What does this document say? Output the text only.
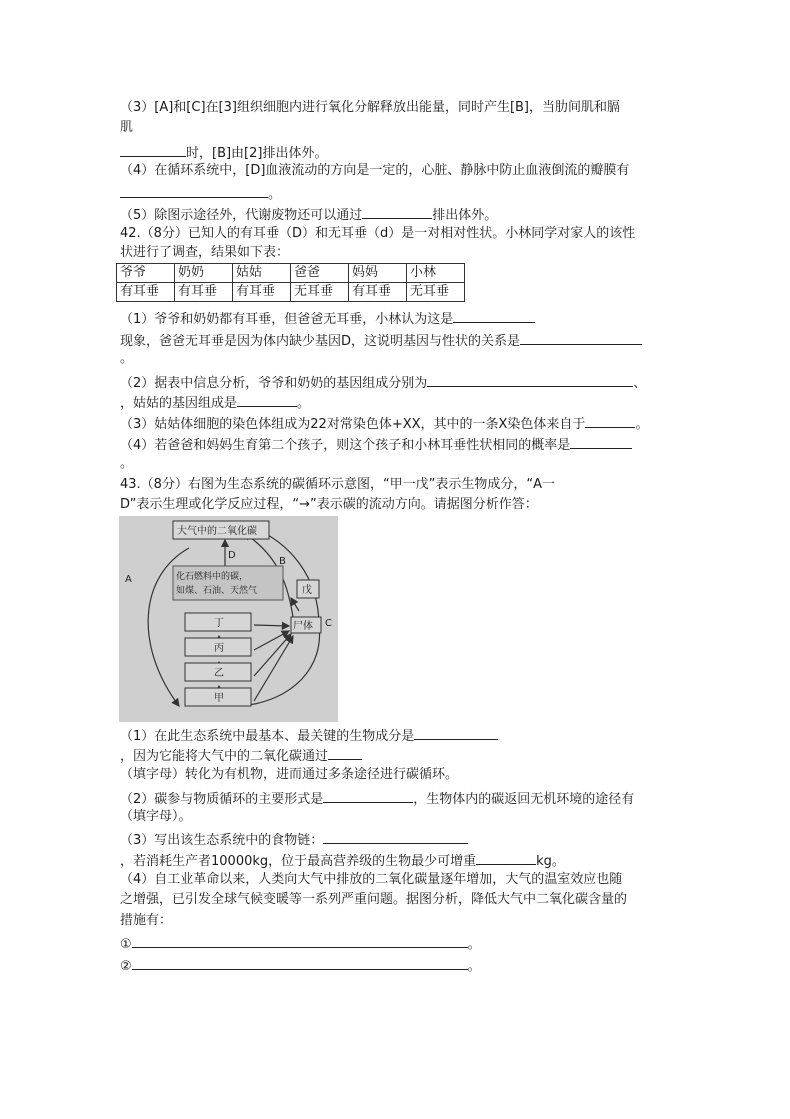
（3）[A]和[C]在[3]组织细胞内进行氧化分解释放出能量，同时产生[B]，当肋间肌和膈
肌
时，[B]由[2]排出体外。
（4）在循环系统中，[D]血液流动的方向是一定的，心脏、静脉中防止血液倒流的瓣膜有
。
（5）除图示途径外，代谢废物还可以通过	排出体外。
42.（8分）已知人的有耳垂（D）和无耳垂（d）是一对相对性状。小林同学对家人的该性
状进行了调查，结果如下表：
爷爷	奶奶	姑姑	爸爸	妈妈	小林
有耳垂	有耳垂	有耳垂	无耳垂	有耳垂	无耳垂
（1）爷爷和奶奶都有耳垂，但爸爸无耳垂，小林认为这是
现象，爸爸无耳垂是因为体内缺少基因D，这说明基因与性状的关系是
。
（2）据表中信息分析，爷爷和奶奶的基因组成分别为	、
，姑姑的基因组成是	。
（3）姑姑体细胞的染色体组成为22对常染色体+XX，其中的一条X染色体来自于	。
（4）若爸爸和妈妈生育第二个孩子，则这个孩子和小林耳垂性状相同的概率是
。
43.（8分）右图为生态系统的碳循环示意图，“甲一戊”表示生物成分，“A一
D”表示生理或化学反应过程，“→”表示碳的流动方向。请据图分析作答：
大气中的二氧化碳
化石燃料中的碳，
如煤、石油、天然气
丁
丙
乙
甲
戊
尸体
A
B
C
D
（1）在此生态系统中最基本、最关键的生物成分是
，因为它能将大气中的二氧化碳通过
（填字母）转化为有机物，进而通过多条途径进行碳循环。
（2）碳参与物质循环的主要形式是	，生物体内的碳返回无机环境的途径有
（填字母）。
（3）写出该生态系统中的食物链：
，若消耗生产者10000kg，位于最高营养级的生物最少可增重	kg。
（4）自工业革命以来，人类向大气中排放的二氧化碳量逐年增加，大气的温室效应也随
之增强，已引发全球气候变暖等一系列严重问题。据图分析，降低大气中二氧化碳含量的
措施有：
①	。
②	。
